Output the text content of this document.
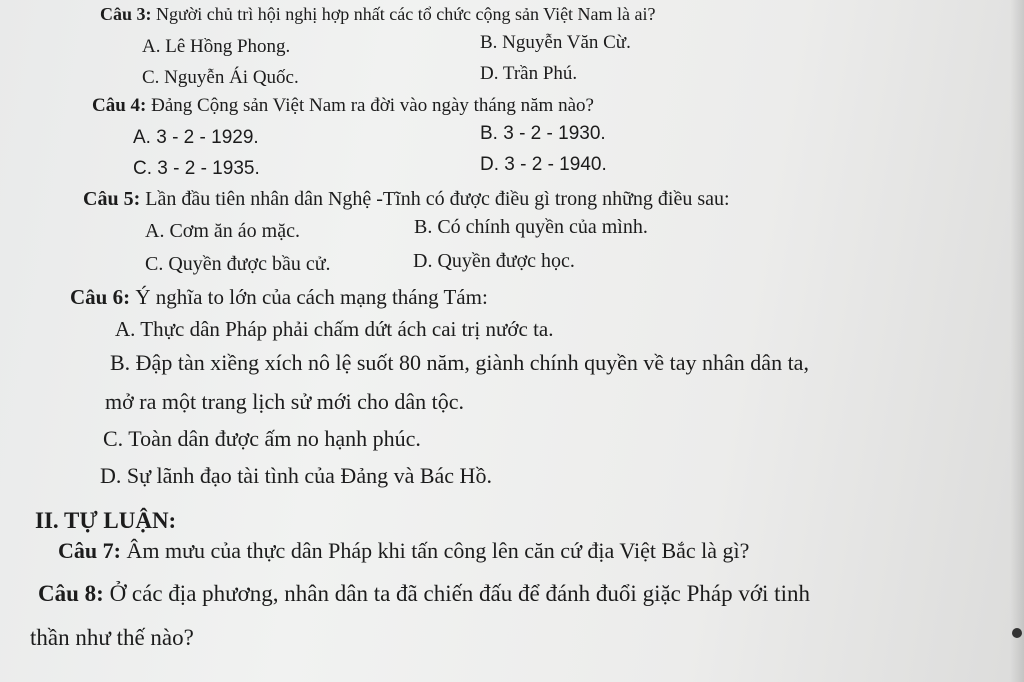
Câu 3: Người chủ trì hội nghị hợp nhất các tổ chức cộng sản Việt Nam là ai?
A. Lê Hồng Phong.	B. Nguyễn Văn Cừ.
C. Nguyễn Ái Quốc.	D. Trần Phú.
Câu 4: Đảng Cộng sản Việt Nam ra đời vào ngày tháng năm nào?
A. 3 - 2 - 1929.	B. 3 - 2 - 1930.
C. 3 - 2 - 1935.	D. 3 - 2 - 1940.
Câu 5: Lần đầu tiên nhân dân Nghệ -Tĩnh có được điều gì trong những điều sau:
A. Cơm ăn áo mặc.	B. Có chính quyền của mình.
C. Quyền được bầu cử.	D. Quyền được học.
Câu 6: Ý nghĩa to lớn của cách mạng tháng Tám:
A. Thực dân Pháp phải chấm dứt ách cai trị nước ta.
B. Đập tàn xiềng xích nô lệ suốt 80 năm, giành chính quyền về tay nhân dân ta,
mở ra một trang lịch sử mới cho dân tộc.
C. Toàn dân được ấm no hạnh phúc.
D. Sự lãnh đạo tài tình của Đảng và Bác Hồ.
II. TỰ LUẬN:
Câu 7: Âm mưu của thực dân Pháp khi tấn công lên căn cứ địa Việt Bắc là gì?
Câu 8: Ở các địa phương, nhân dân ta đã chiến đấu để đánh đuổi giặc Pháp với tinh
thần như thế nào?
